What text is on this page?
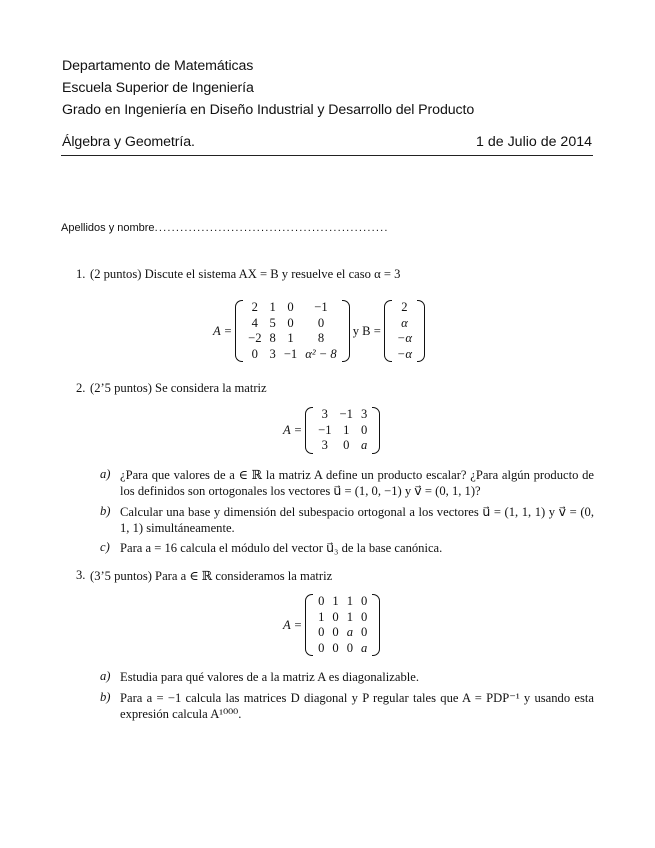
Departamento de Matemáticas
Escuela Superior de Ingeniería
Grado en Ingeniería en Diseño Industrial y Desarrollo del Producto
Álgebra y Geometría.	1 de Julio de 2014
Apellidos y nombre.......................................................
1. (2 puntos) Discute el sistema AX = B y resuelve el caso α = 3
A =
2	1	0	−1
4	5	0	0
−2	8	1	8
0	3	−1	α² − 8
y B =
2
α
−α
−α
2. (2’5 puntos) Se considera la matriz
A =
3	−1	3
−1	1	0
3	0	a
a) ¿Para que valores de a ∈ ℝ la matriz A define un producto escalar? ¿Para algún producto de los definidos son ortogonales los vectores u⃗ = (1, 0, −1) y v⃗ = (0, 1, 1)?
b) Calcular una base y dimensión del subespacio ortogonal a los vectores u⃗ = (1, 1, 1) y v⃗ = (0, 1, 1) simultáneamente.
c) Para a = 16 calcula el módulo del vector u⃗₃ de la base canónica.
3. (3’5 puntos) Para a ∈ ℝ consideramos la matriz
A =
0	1	1	0
1	0	1	0
0	0	a	0
0	0	0	a
a) Estudia para qué valores de a la matriz A es diagonalizable.
b) Para a = −1 calcula las matrices D diagonal y P regular tales que A = PDP⁻¹ y usando esta expresión calcula A¹⁰⁰⁰.
